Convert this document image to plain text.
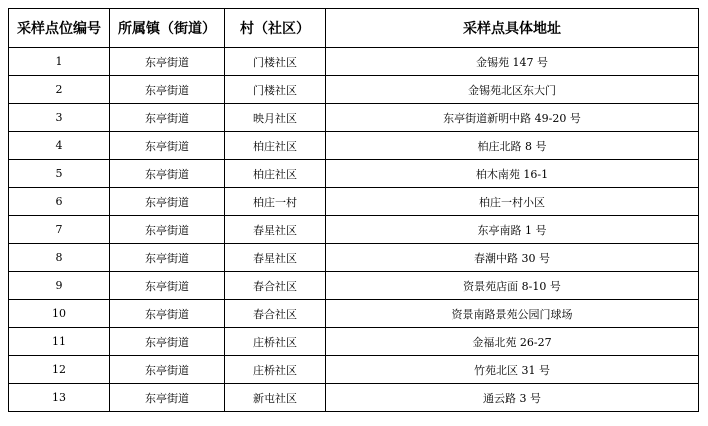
采样点位编号	所属镇（街道）	村（社区）	采样点具体地址
1	东亭街道	门楼社区	金锡苑 147 号
2	东亭街道	门楼社区	金锡苑北区东大门
3	东亭街道	映月社区	东亭街道新明中路 49-20 号
4	东亭街道	柏庄社区	柏庄北路 8 号
5	东亭街道	柏庄社区	柏木南苑 16-1
6	东亭街道	柏庄一村	柏庄一村小区
7	东亭街道	春星社区	东亭南路 1 号
8	东亭街道	春星社区	春潮中路 30 号
9	东亭街道	春合社区	资景苑店面 8-10 号
10	东亭街道	春合社区	资景南路景苑公园门球场
11	东亭街道	庄桥社区	金福北苑 26-27
12	东亭街道	庄桥社区	竹苑北区 31 号
13	东亭街道	新屯社区	通云路 3 号
